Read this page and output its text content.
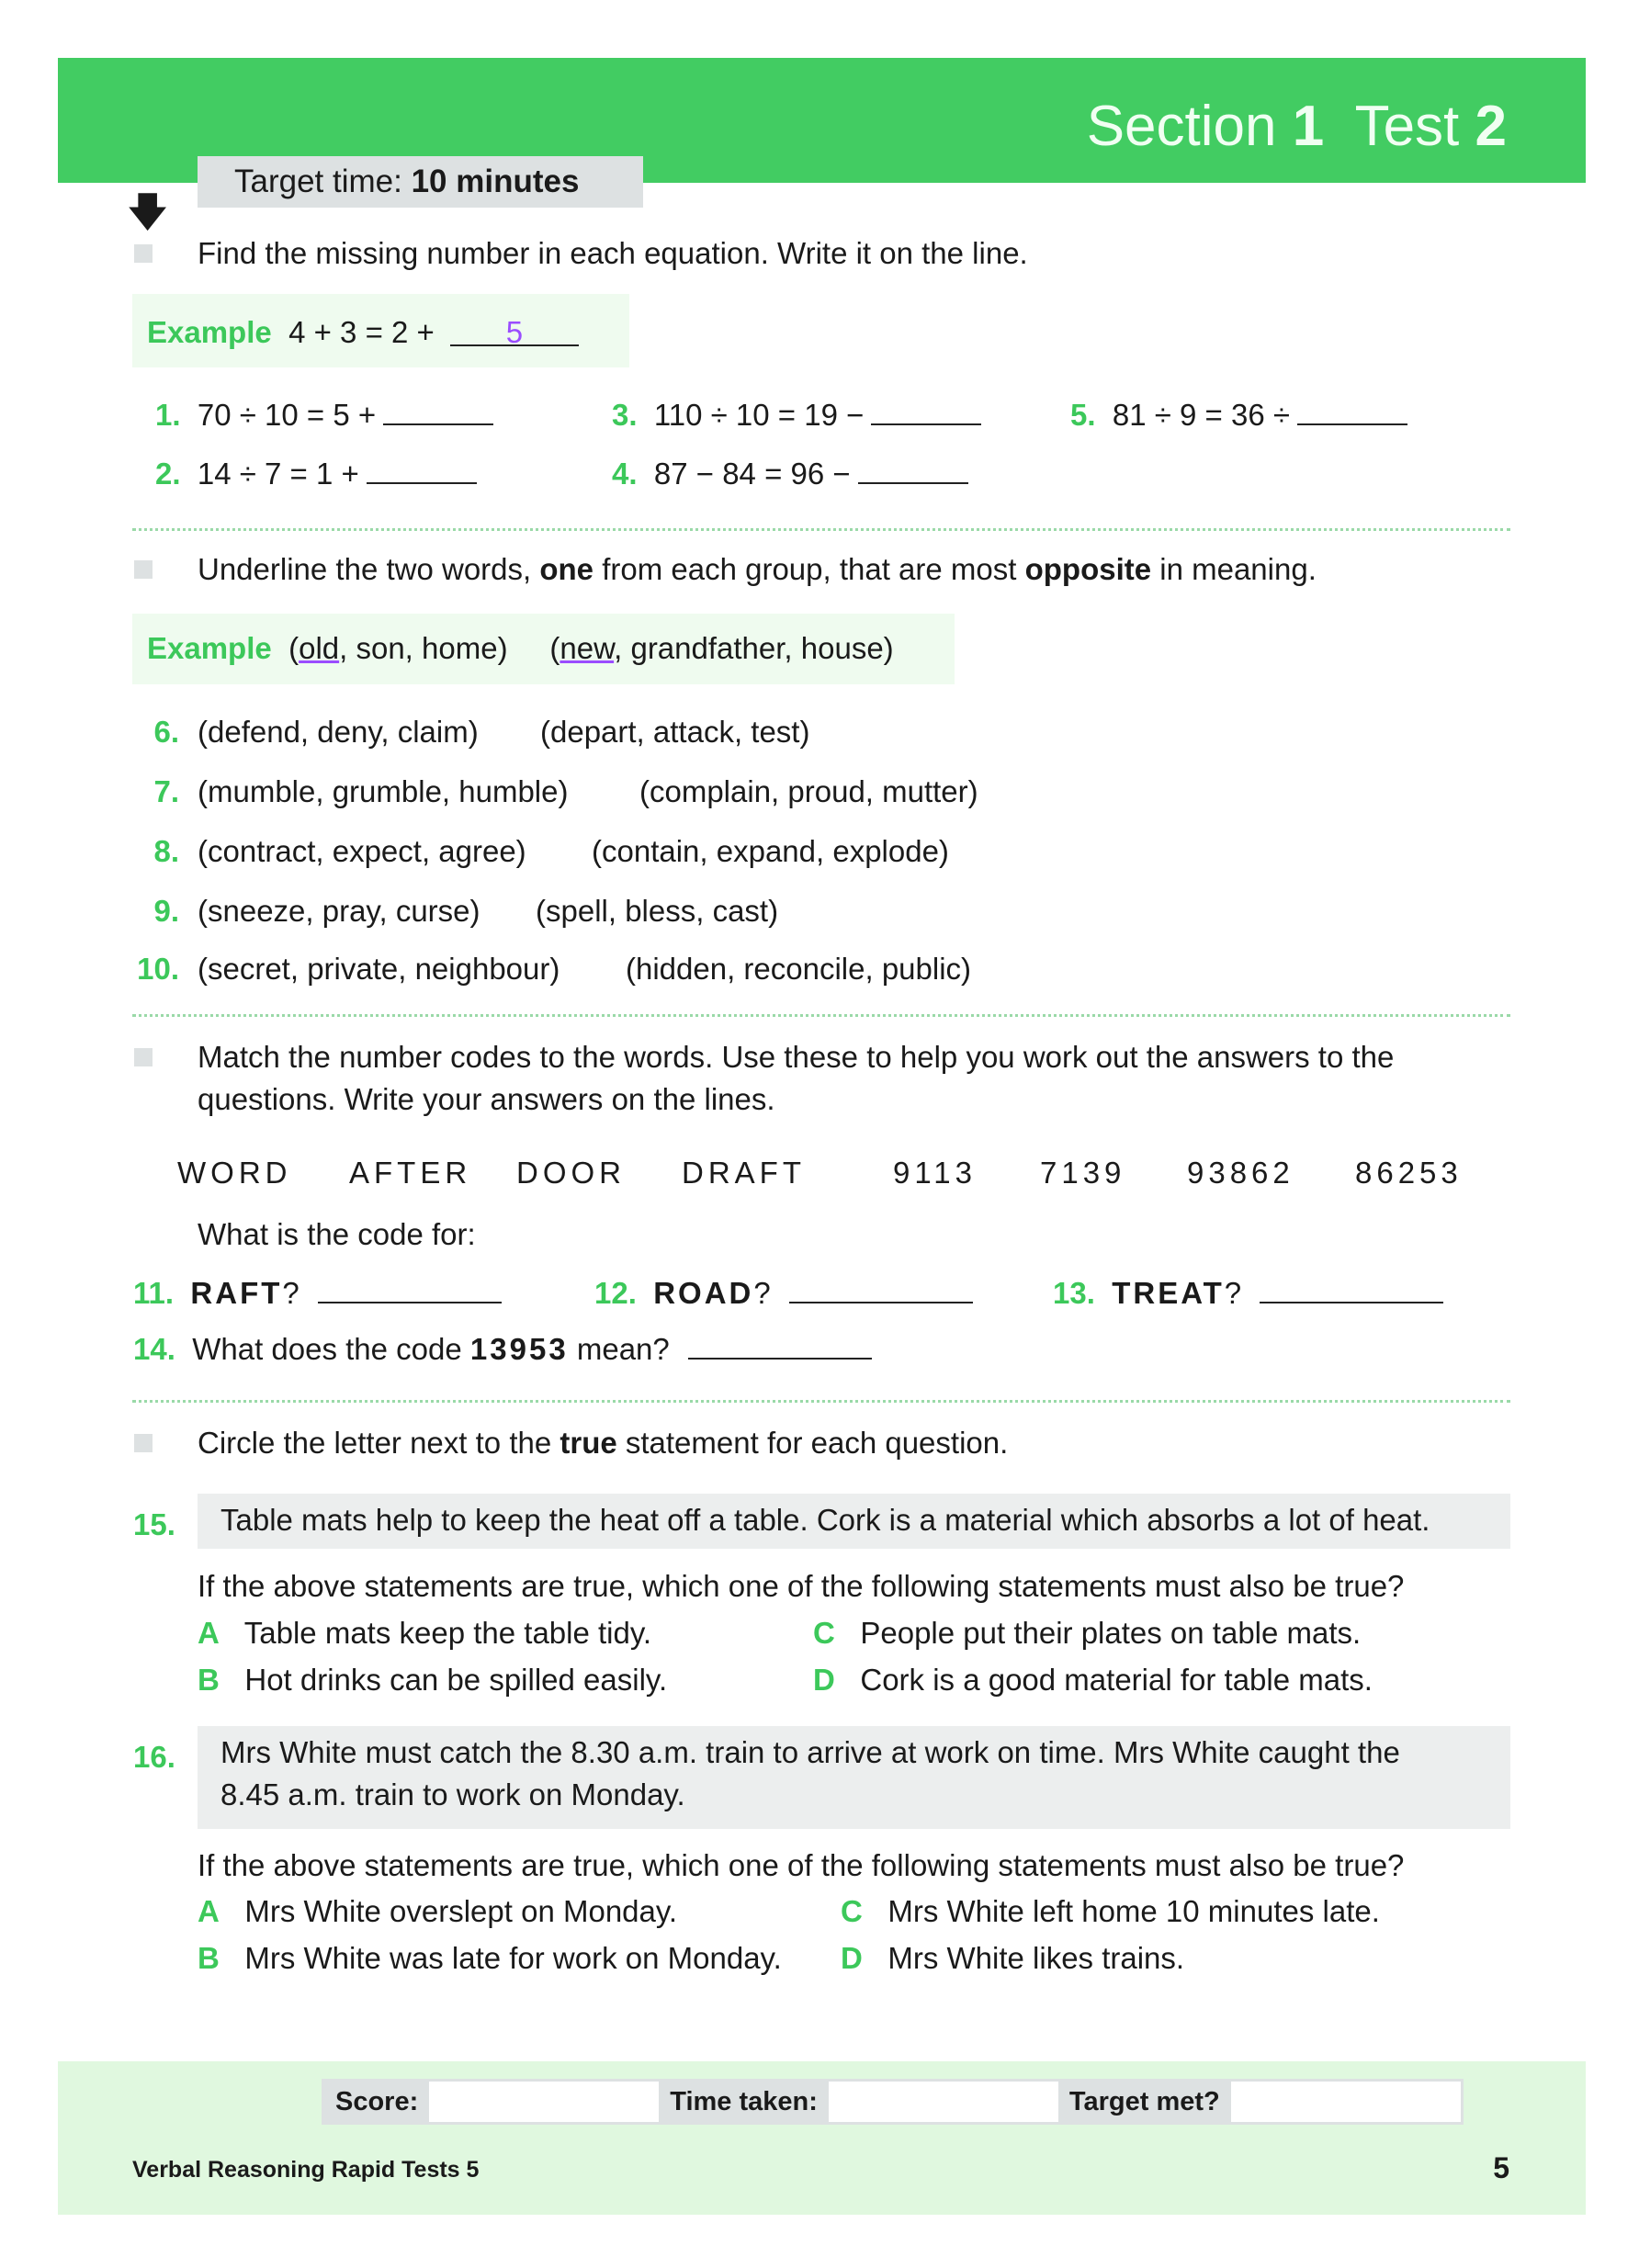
Section 1 Test 2
Target time: 10 minutes
🡇
Find the missing number in each equation. Write it on the line.
Example 4 + 3 = 2 + 5
1. 70 ÷ 10 = 5 +
2. 14 ÷ 7 = 1 +
3. 110 ÷ 10 = 19 −
4. 87 − 84 = 96 −
5. 81 ÷ 9 = 36 ÷
Underline the two words, one from each group, that are most opposite in meaning.
Example (old, son, home) (new, grandfather, house)
6. (defend, deny, claim) (depart, attack, test)
7. (mumble, grumble, humble) (complain, proud, mutter)
8. (contract, expect, agree) (contain, expand, explode)
9. (sneeze, pray, curse) (spell, bless, cast)
10. (secret, private, neighbour) (hidden, reconcile, public)
Match the number codes to the words. Use these to help you work out the answers to the
questions. Write your answers on the lines.
WORD AFTER DOOR DRAFT	9113 7139 93862 86253
What is the code for:
11. RAFT?	12. ROAD?	13. TREAT?
14. What does the code 13953 mean?
Circle the letter next to the true statement for each question.
15.	Table mats help to keep the heat off a table. Cork is a material which absorbs a lot of heat.
If the above statements are true, which one of the following statements must also be true?
A Table mats keep the table tidy.
B Hot drinks can be spilled easily.
C People put their plates on table mats.
D Cork is a good material for table mats.
16. Mrs White must catch the 8.30 a.m. train to arrive at work on time. Mrs White caught the
8.45 a.m. train to work on Monday.
If the above statements are true, which one of the following statements must also be true?
A Mrs White overslept on Monday.
B Mrs White was late for work on Monday.
C Mrs White left home 10 minutes late.
D Mrs White likes trains.
Score:	Time taken:	Target met?
Verbal Reasoning Rapid Tests 5	5
